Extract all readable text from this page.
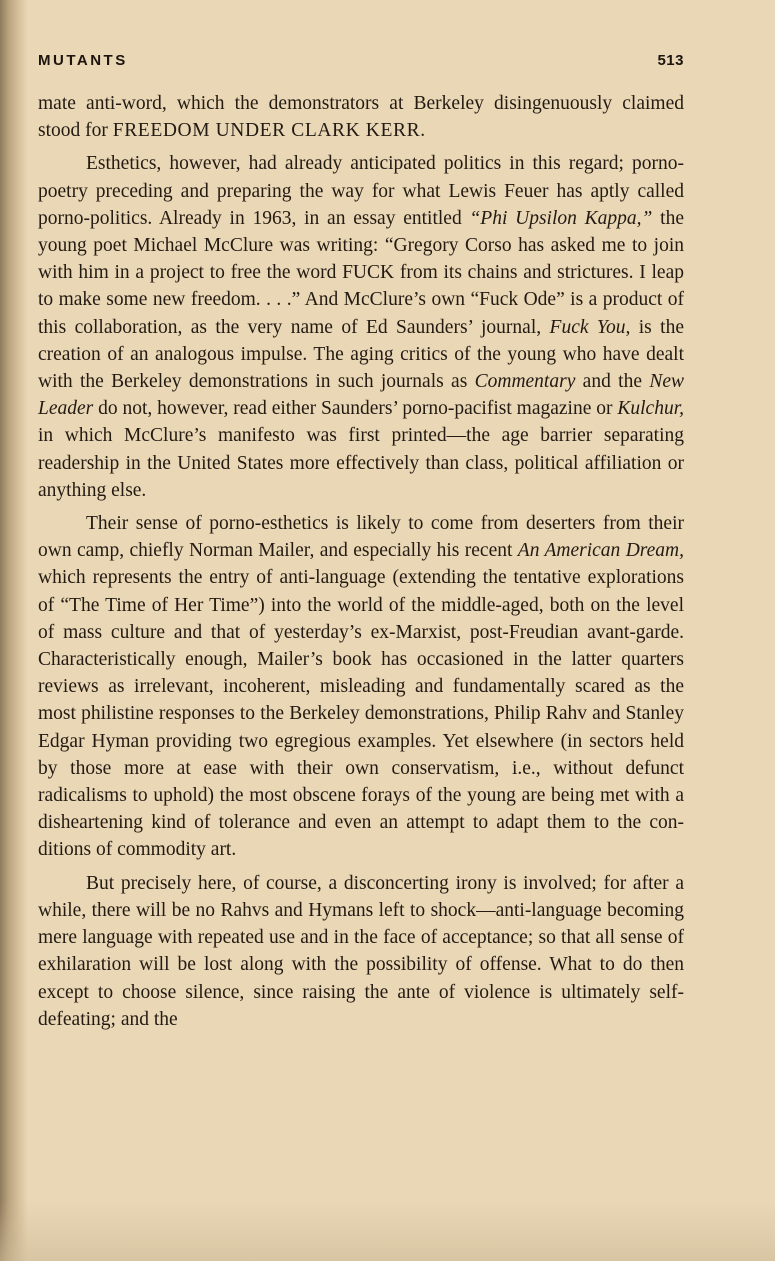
MUTANTS	513

mate anti-word, which the demonstrators at Berkeley disingenuously claimed stood for FREEDOM UNDER CLARK KERR.

Esthetics, however, had already anticipated politics in this regard; porno-poetry preceding and preparing the way for what Lewis Feuer has aptly called porno-politics. Already in 1963, in an essay entitled “Phi Upsilon Kappa,” the young poet Michael McClure was writing: “Gregory Corso has asked me to join with him in a project to free the word FUCK from its chains and strictures. I leap to make some new freedom. . . .” And McClure’s own “Fuck Ode” is a product of this collaboration, as the very name of Ed Saunders’ journal, Fuck You, is the creation of an analogous impulse. The aging critics of the young who have dealt with the Berkeley demonstrations in such journals as Commentary and the New Leader do not, however, read either Saunders’ porno-pacifist magazine or Kulchur, in which McClure’s manifesto was first printed—the age barrier separating readership in the United States more effectively than class, political affiliation or anything else.

Their sense of porno-esthetics is likely to come from deserters from their own camp, chiefly Norman Mailer, and especially his recent An American Dream, which represents the entry of anti-language (extending the tentative explorations of “The Time of Her Time”) into the world of the middle-aged, both on the level of mass culture and that of yesterday’s ex-Marxist, post-Freudian avant-garde. Characteristically enough, Mailer’s book has occasioned in the latter quarters reviews as irrelevant, incoherent, misleading and fundamentally scared as the most philistine responses to the Berkeley demonstrations, Philip Rahv and Stanley Edgar Hyman providing two egregious examples. Yet elsewhere (in sectors held by those more at ease with their own conservatism, i.e., without defunct radicalisms to uphold) the most obscene forays of the young are being met with a disheartening kind of tolerance and even an attempt to adapt them to the conditions of commodity art.

But precisely here, of course, a disconcerting irony is involved; for after a while, there will be no Rahvs and Hymans left to shock—anti-language becoming mere language with repeated use and in the face of acceptance; so that all sense of exhilaration will be lost along with the possibility of offense. What to do then except to choose silence, since raising the ante of violence is ultimately self-defeating; and the
